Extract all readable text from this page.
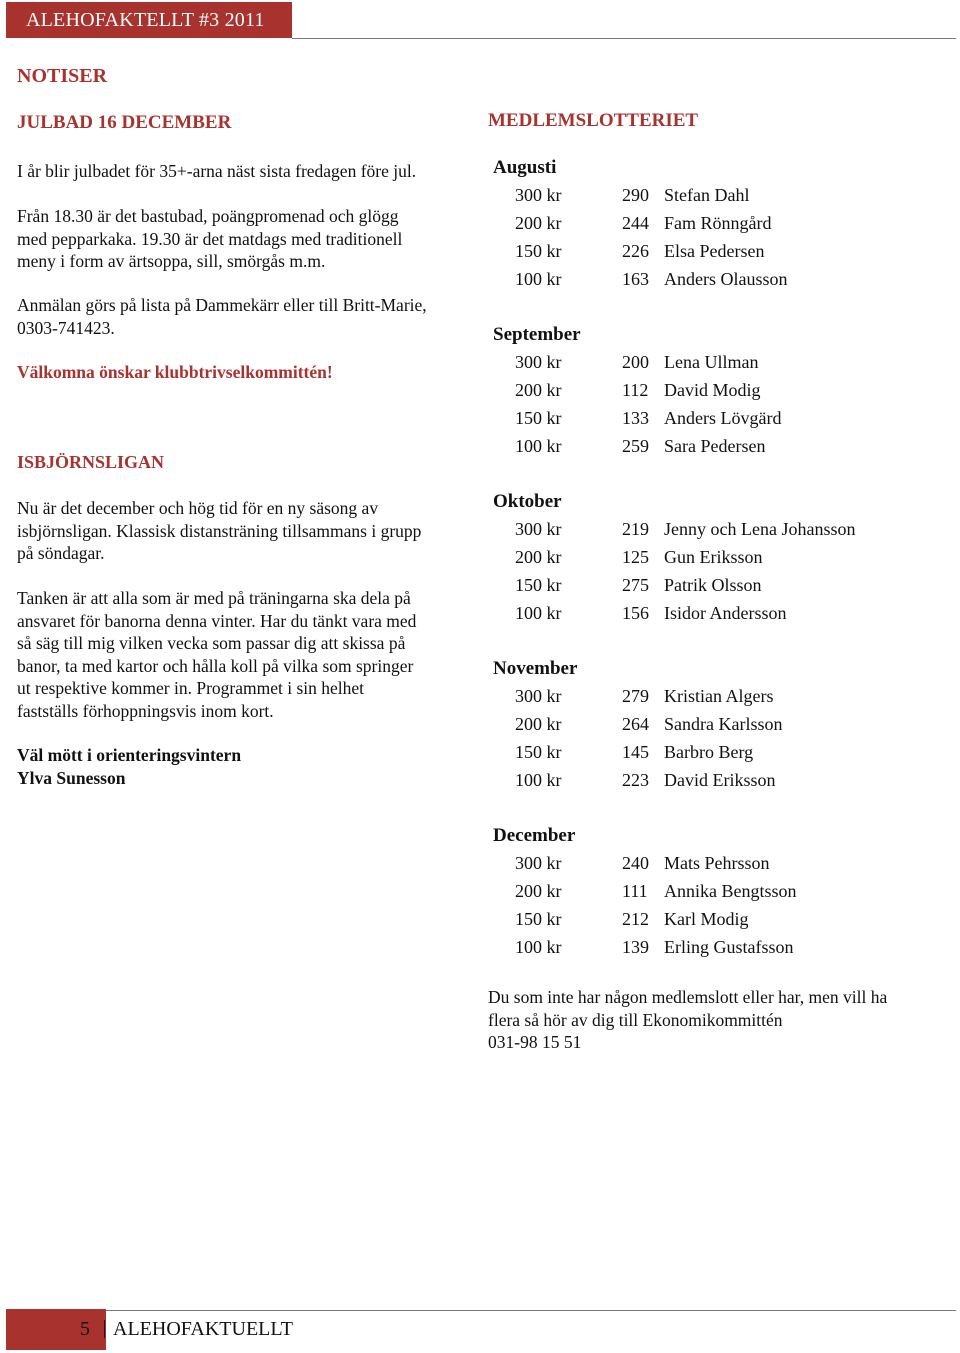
ALEHOFAKTELLT #3 2011
NOTISER
JULBAD 16 DECEMBER
I år blir julbadet för 35+-arna näst sista fredagen före jul.
Från 18.30 är det bastubad, poängpromenad och glögg
med pepparkaka. 19.30 är det matdags med traditionell
meny i form av ärtsoppa, sill, smörgås m.m.
Anmälan görs på lista på Dammekärr eller till Britt-Marie,
0303-741423.
Välkomna önskar klubbtrivselkommittén!
ISBJÖRNSLIGAN
Nu är det december och hög tid för en ny säsong av
isbjörnsligan. Klassisk distansträning tillsammans i grupp
på söndagar.
Tanken är att alla som är med på träningarna ska dela på
ansvaret för banorna denna vinter. Har du tänkt vara med
så säg till mig vilken vecka som passar dig att skissa på
banor, ta med kartor och hålla koll på vilka som springer
ut respektive kommer in. Programmet i sin helhet
fastställs förhoppningsvis inom kort.
Väl mött i orienteringsvintern
Ylva Sunesson
MEDLEMSLOTTERIET
Augusti
300 kr	290 Stefan Dahl
200 kr	244 Fam Rönngård
150 kr	226 Elsa Pedersen
100 kr	163 Anders Olausson
September
300 kr	200 Lena Ullman
200 kr	112 David Modig
150 kr	133 Anders Lövgärd
100 kr	259 Sara Pedersen
Oktober
300 kr	219 Jenny och Lena Johansson
200 kr	125 Gun Eriksson
150 kr	275 Patrik Olsson
100 kr	156 Isidor Andersson
November
300 kr	279 Kristian Algers
200 kr	264 Sandra Karlsson
150 kr	145 Barbro Berg
100 kr	223 David Eriksson
December
300 kr	240 Mats Pehrsson
200 kr	111 Annika Bengtsson
150 kr	212 Karl Modig
100 kr	139 Erling Gustafsson
Du som inte har någon medlemslott eller har, men vill ha
flera så hör av dig till Ekonomikommittén
031-98 15 51
5 ALEHOFAKTUELLT
